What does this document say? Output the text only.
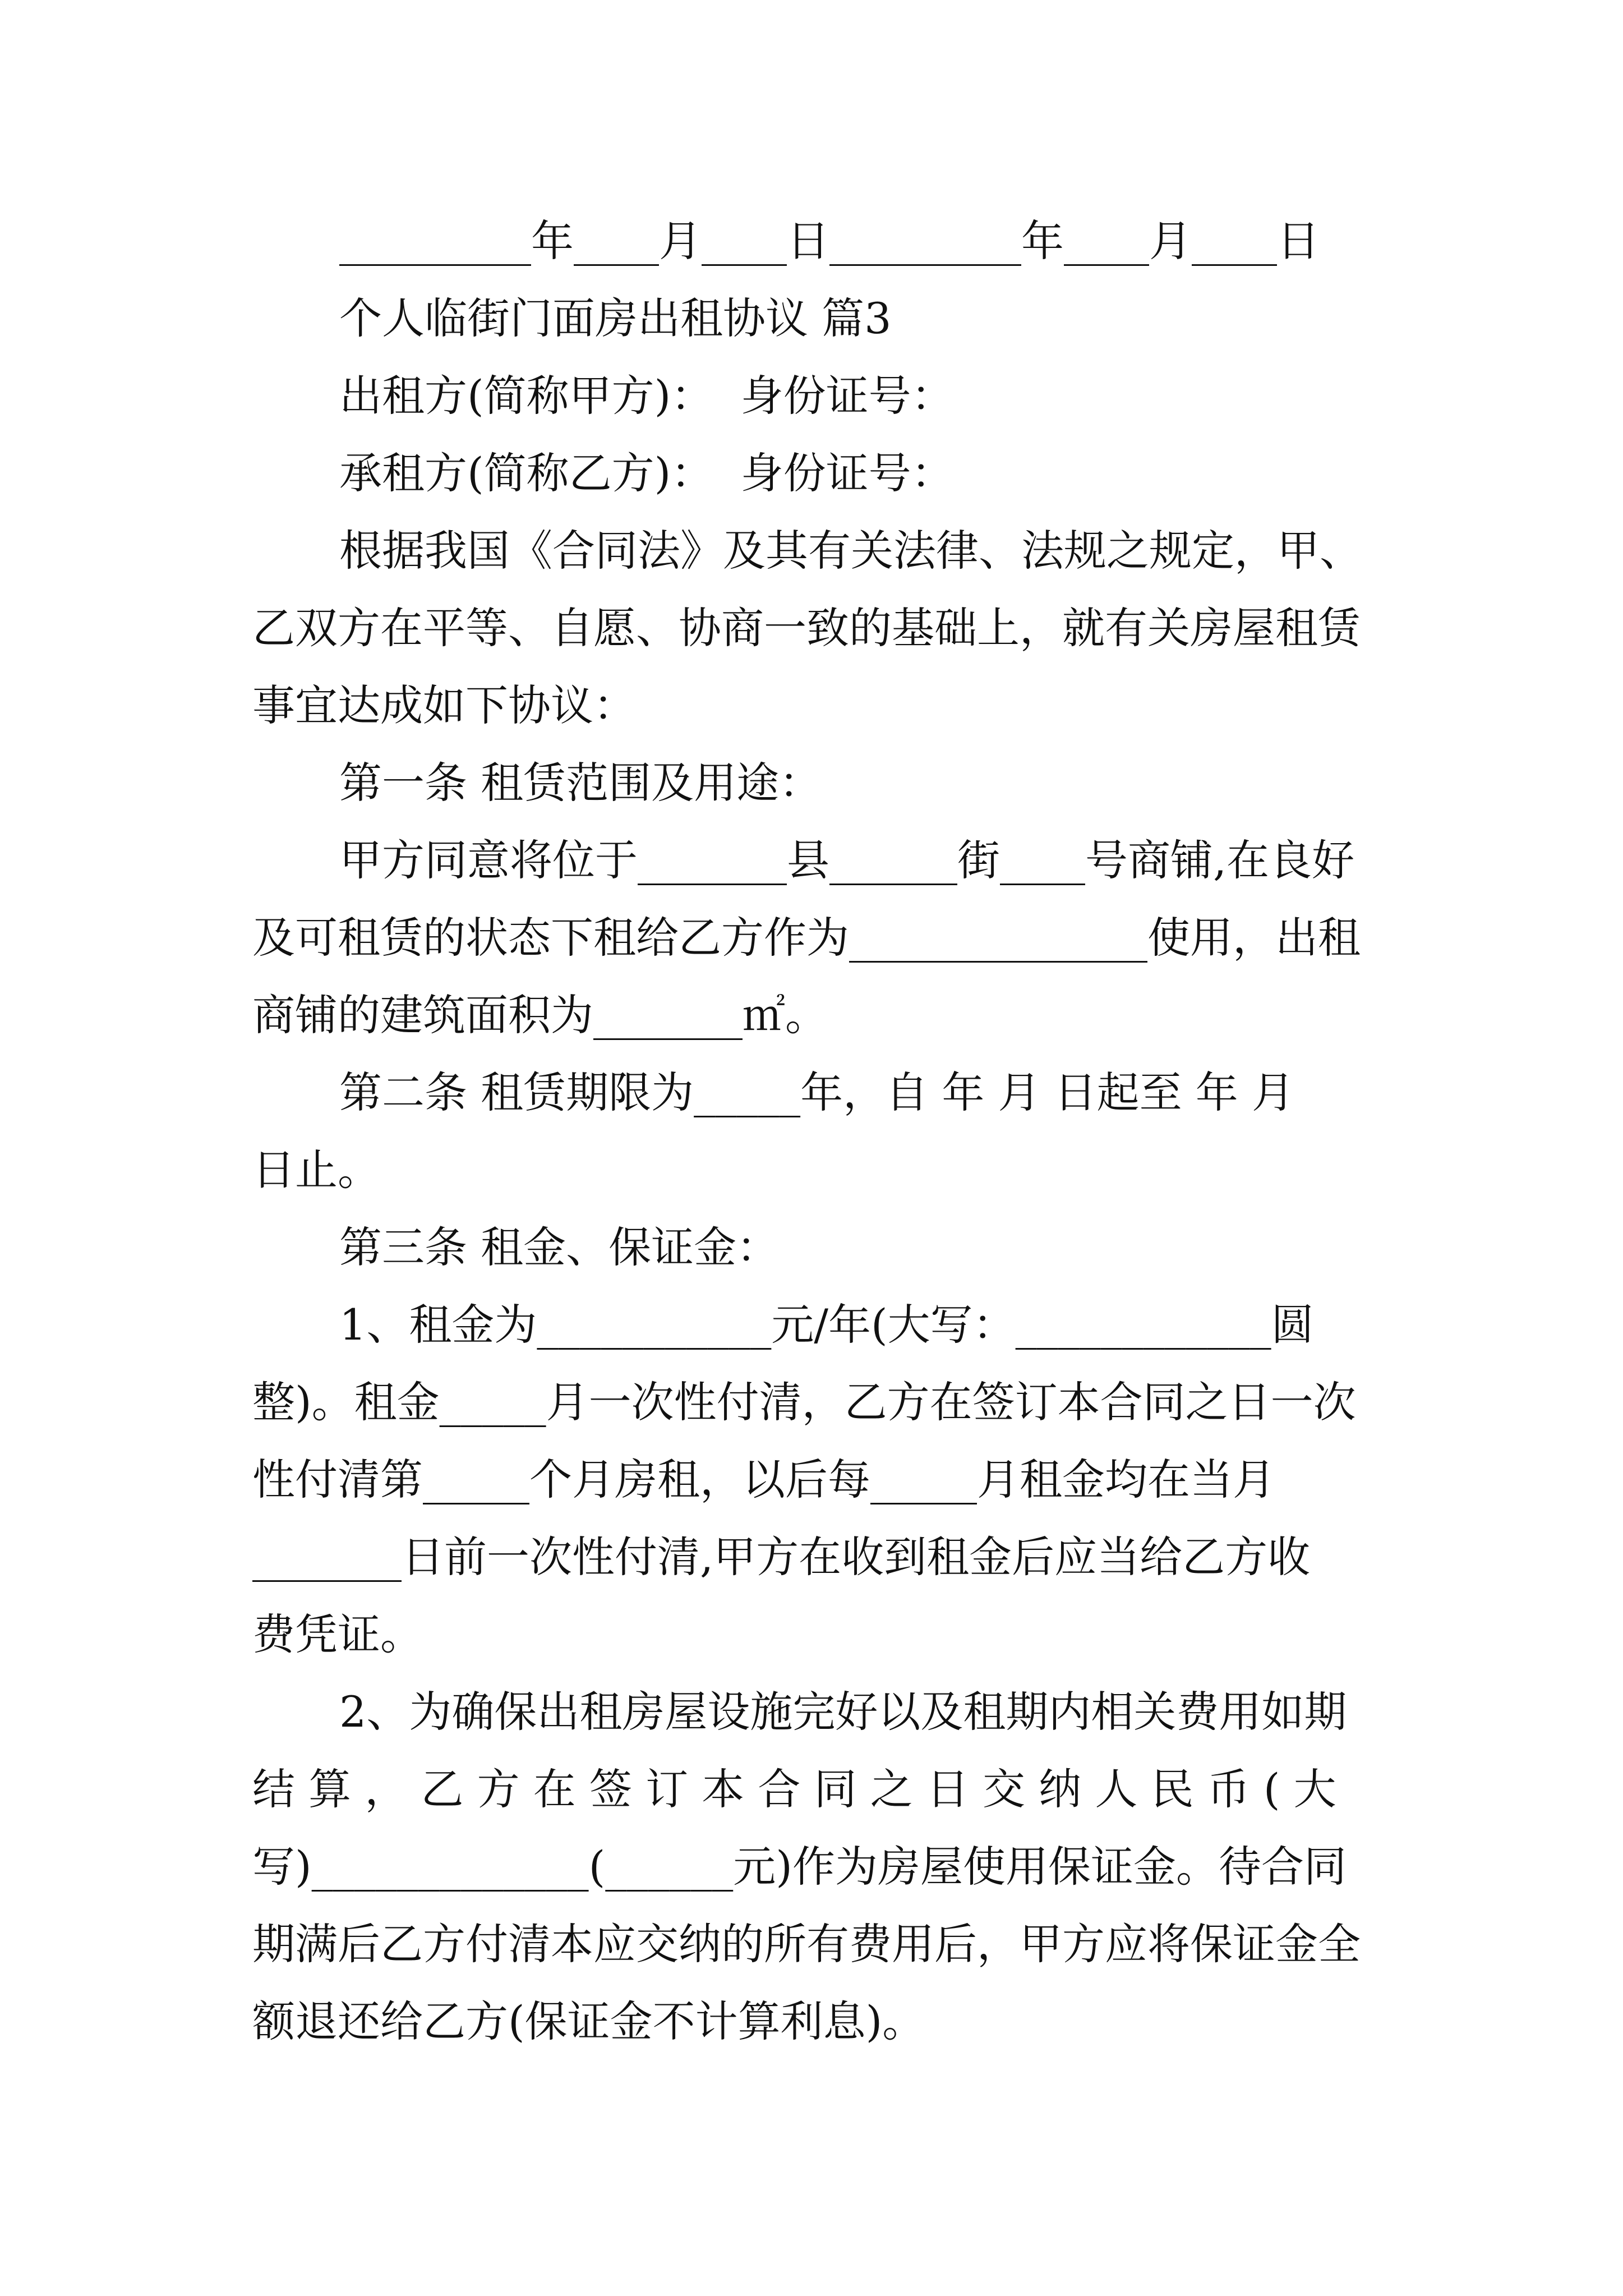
_________年____月____日_________年____月____日
个人临街门面房出租协议 篇3
出租方(简称甲方)：  身份证号：
承租方(简称乙方)：  身份证号：
根据我国《合同法》及其有关法律、法规之规定，甲、
乙双方在平等、自愿、协商一致的基础上，就有关房屋租赁
事宜达成如下协议：
第一条 租赁范围及用途：
甲方同意将位于_______县______街____号商铺,在良好
及可租赁的状态下租给乙方作为______________使用，出租
商铺的建筑面积为_______㎡。
第二条 租赁期限为_____年，自 年 月 日起至 年 月
日止。
第三条 租金、保证金：
1、租金为___________元/年(大写：____________圆
整)。租金_____月一次性付清，乙方在签订本合同之日一次
性付清第_____个月房租，以后每_____月租金均在当月
_______日前一次性付清,甲方在收到租金后应当给乙方收
费凭证。
2、为确保出租房屋设施完好以及租期内相关费用如期
结 算 ， 乙 方 在 签 订 本 合 同 之 日 交 纳 人 民 币 ( 大
写)_____________(______元)作为房屋使用保证金。待合同
期满后乙方付清本应交纳的所有费用后，甲方应将保证金全
额退还给乙方(保证金不计算利息)。
